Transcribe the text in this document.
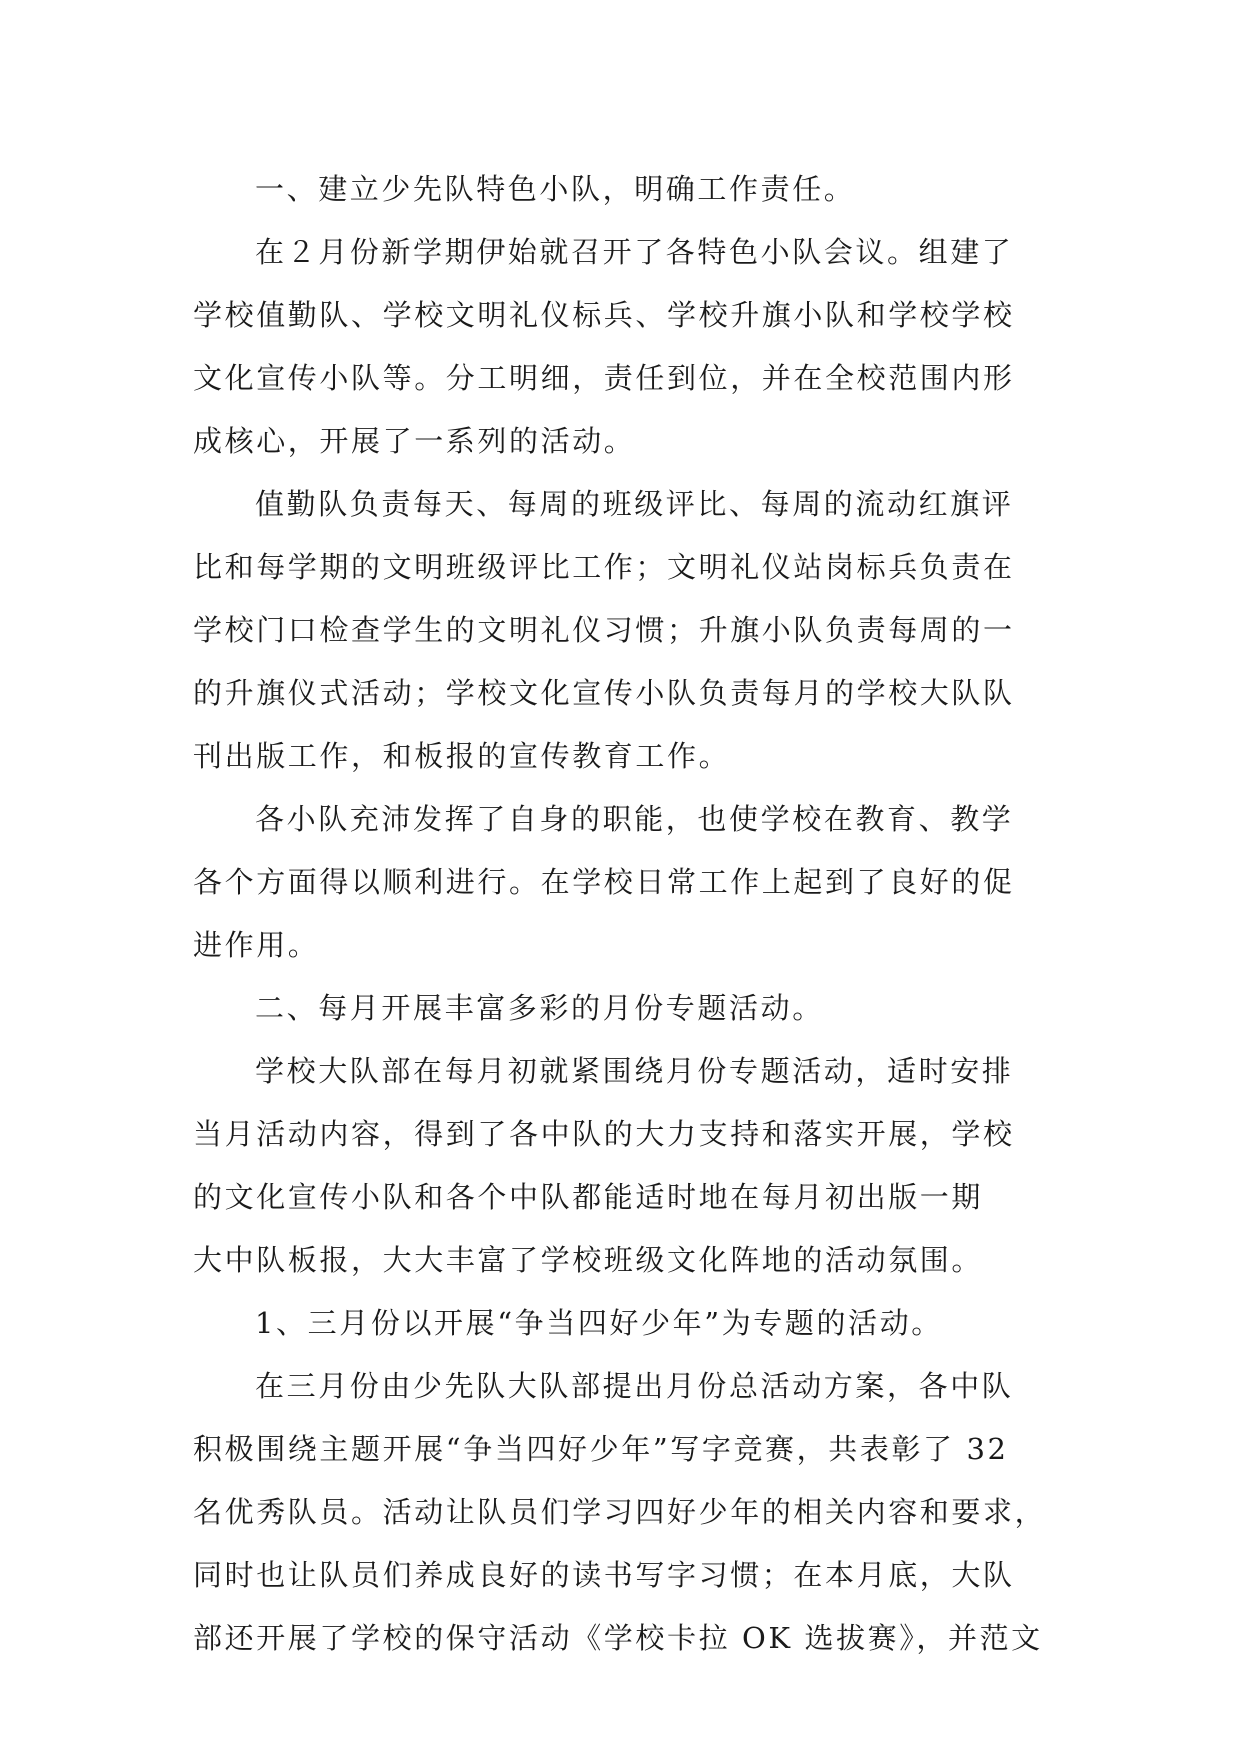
一、建立少先队特色小队，明确工作责任。
在２月份新学期伊始就召开了各特色小队会议。组建了
学校值勤队、学校文明礼仪标兵、学校升旗小队和学校学校
文化宣传小队等。分工明细，责任到位，并在全校范围内形
成核心，开展了一系列的活动。
值勤队负责每天、每周的班级评比、每周的流动红旗评
比和每学期的文明班级评比工作；文明礼仪站岗标兵负责在
学校门口检查学生的文明礼仪习惯；升旗小队负责每周的一
的升旗仪式活动；学校文化宣传小队负责每月的学校大队队
刊出版工作，和板报的宣传教育工作。
各小队充沛发挥了自身的职能，也使学校在教育、教学
各个方面得以顺利进行。在学校日常工作上起到了良好的促
进作用。
二、每月开展丰富多彩的月份专题活动。
学校大队部在每月初就紧围绕月份专题活动，适时安排
当月活动内容，得到了各中队的大力支持和落实开展，学校
的文化宣传小队和各个中队都能适时地在每月初出版一期
大中队板报，大大丰富了学校班级文化阵地的活动氛围。
1、三月份以开展“争当四好少年”为专题的活动。
在三月份由少先队大队部提出月份总活动方案，各中队
积极围绕主题开展“争当四好少年”写字竞赛，共表彰了 32
名优秀队员。活动让队员们学习四好少年的相关内容和要求，
同时也让队员们养成良好的读书写字习惯；在本月底，大队
部还开展了学校的保守活动《学校卡拉 OK 选拔赛》，并范文
